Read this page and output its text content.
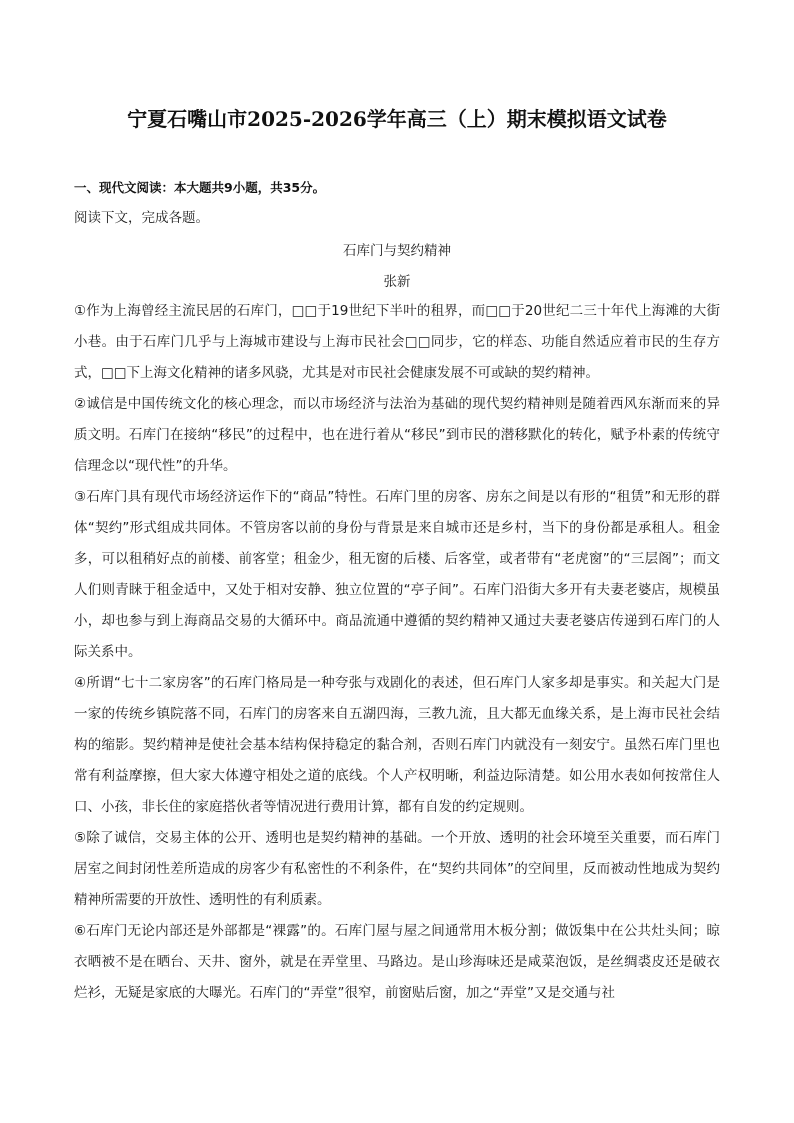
宁夏石嘴山市2025-2026学年高三（上）期末模拟语文试卷
一、现代文阅读：本大题共9小题，共35分。
阅读下文，完成各题。
石库门与契约精神
张新

①作为上海曾经主流民居的石库门，□□于19世纪下半叶的租界，而□□于20世纪二三十年代上海滩的大街小巷。由于石库门几乎与上海城市建设与上海市民社会□□同步，它的样态、功能自然适应着市民的生存方式，□□下上海文化精神的诸多风骁，尤其是对市民社会健康发展不可或缺的契约精神。

②诚信是中国传统文化的核心理念，而以市场经济与法治为基础的现代契约精神则是随着西风东渐而来的异质文明。石库门在接纳“移民”的过程中，也在进行着从“移民”到市民的潜移默化的转化，赋予朴素的传统守信理念以“现代性”的升华。

③石库门具有现代市场经济运作下的“商品”特性。石库门里的房客、房东之间是以有形的“租赁”和无形的群体“契约”形式组成共同体。不管房客以前的身份与背景是来自城市还是乡村，当下的身份都是承租人。租金多，可以租稍好点的前楼、前客堂；租金少，租无窗的后楼、后客堂，或者带有“老虎窗”的“三层阁”；而文人们则青睐于租金适中，又处于相对安静、独立位置的“亭子间”。石库门沿街大多开有夫妻老婆店，规模虽小，却也参与到上海商品交易的大循环中。商品流通中遵循的契约精神又通过夫妻老婆店传递到石库门的人际关系中。

④所谓“七十二家房客”的石库门格局是一种夸张与戏剧化的表述，但石库门人家多却是事实。和关起大门是一家的传统乡镇院落不同，石库门的房客来自五湖四海，三教九流，且大都无血缘关系，是上海市民社会结构的缩影。契约精神是使社会基本结构保持稳定的黏合剂，否则石库门内就没有一刻安宁。虽然石库门里也常有利益摩擦，但大家大体遵守相处之道的底线。个人产权明晰，利益边际清楚。如公用水表如何按常住人口、小孩，非长住的家庭搭伙者等情况进行费用计算，都有自发的约定规则。

⑤除了诚信，交易主体的公开、透明也是契约精神的基础。一个开放、透明的社会环境至关重要，而石库门居室之间封闭性差所造成的房客少有私密性的不利条件，在“契约共同体”的空间里，反而被动性地成为契约精神所需要的开放性、透明性的有利质素。

⑥石库门无论内部还是外部都是“裸露”的。石库门屋与屋之间通常用木板分割；做饭集中在公共灶头间；晾衣晒被不是在晒台、天井、窗外，就是在弄堂里、马路边。是山珍海味还是咸菜泡饭，是丝绸裘皮还是破衣烂衫，无疑是家底的大曝光。石库门的“弄堂”很窄，前窗贴后窗，加之“弄堂”又是交通与社
